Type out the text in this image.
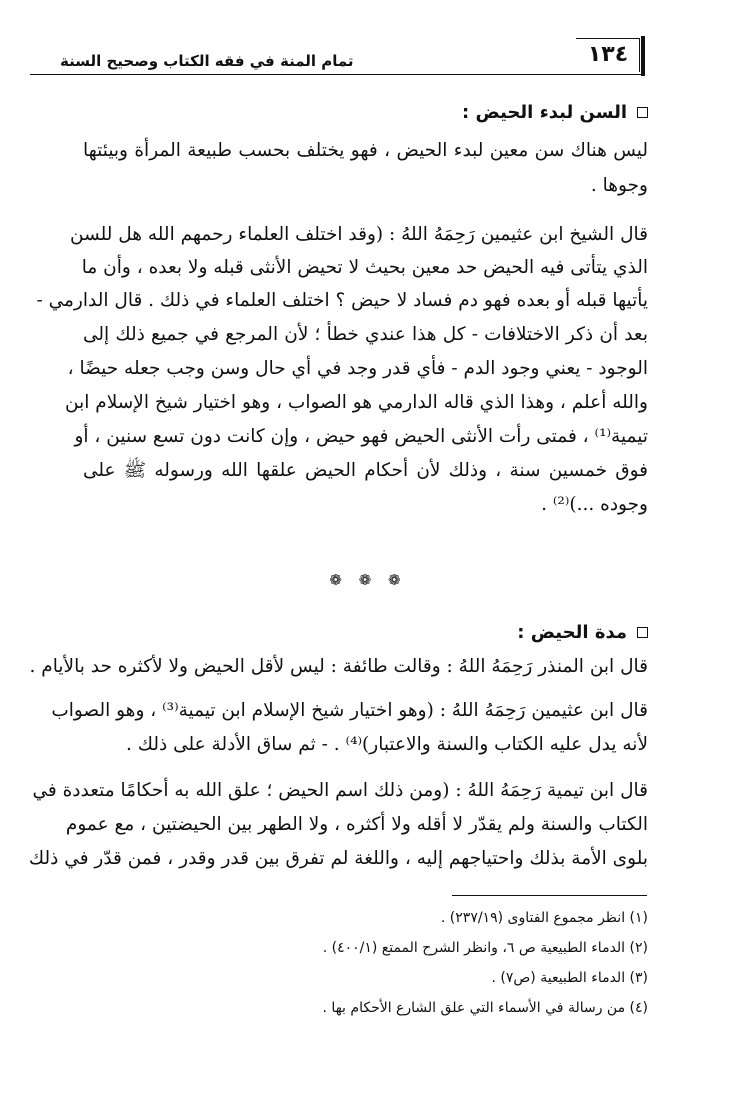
١٣٤
تمام المنة في فقه الكتاب وصحيح السنة
السن لبدء الحيض :
ليس هناك سن معين لبدء الحيض ، فهو يختلف بحسب طبيعة المرأة وبيئتها
وجوها .
قال الشيخ ابن عثيمين رَحِمَهُ اللهُ : (وقد اختلف العلماء رحمهم الله هل للسن
الذي يتأتى فيه الحيض حد معين بحيث لا تحيض الأنثى قبله ولا بعده ، وأن ما
يأتيها قبله أو بعده فهو دم فساد لا حيض ؟ اختلف العلماء في ذلك . قال الدارمي -
بعد أن ذكر الاختلافات - كل هذا عندي خطأ ؛ لأن المرجع في جميع ذلك إلى
الوجود - يعني وجود الدم - فأي قدر وجد في أي حال وسن وجب جعله حيضًا ،
والله أعلم ، وهذا الذي قاله الدارمي هو الصواب ، وهو اختيار شيخ الإسلام ابن
تيمية⁽¹⁾ ، فمتى رأت الأنثى الحيض فهو حيض ، وإن كانت دون تسع سنين ، أو
فوق خمسين سنة ، وذلك لأن أحكام الحيض علقها الله ورسوله ﷺ على
وجوده ...)⁽²⁾ .
❁ ❁ ❁
مدة الحيض :
قال ابن المنذر رَحِمَهُ اللهُ : وقالت طائفة : ليس لأقل الحيض ولا لأكثره حد بالأيام .
قال ابن عثيمين رَحِمَهُ اللهُ : (وهو اختيار شيخ الإسلام ابن تيمية⁽³⁾ ، وهو الصواب
لأنه يدل عليه الكتاب والسنة والاعتبار)⁽⁴⁾ . - ثم ساق الأدلة على ذلك .
قال ابن تيمية رَحِمَهُ اللهُ : (ومن ذلك اسم الحيض ؛ علق الله به أحكامًا متعددة في
الكتاب والسنة ولم يقدّر لا أقله ولا أكثره ، ولا الطهر بين الحيضتين ، مع عموم
بلوى الأمة بذلك واحتياجهم إليه ، واللغة لم تفرق بين قدر وقدر ، فمن قدّر في ذلك
(١) انظر مجموع الفتاوى (٢٣٧/١٩) .
(٢) الدماء الطبيعية ص ٦، وانظر الشرح الممتع (٤٠٠/١) .
(٣) الدماء الطبيعية (ص٧) .
(٤) من رسالة في الأسماء التي علق الشارع الأحكام بها .
